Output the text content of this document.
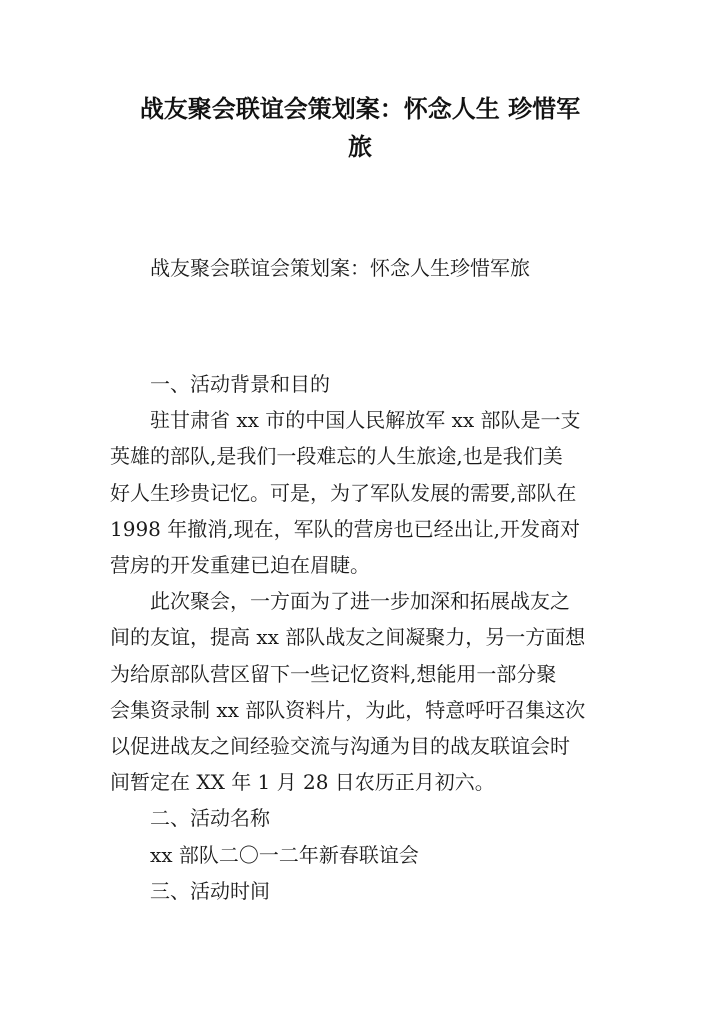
战友聚会联谊会策划案：怀念人生 珍惜军
旅
战友聚会联谊会策划案：怀念人生珍惜军旅

一、活动背景和目的

驻甘肃省 xx 市的中国人民解放军 xx 部队是一支

英雄的部队,是我们一段难忘的人生旅途,也是我们美

好人生珍贵记忆。可是，为了军队发展的需要,部队在

1998 年撤消,现在，军队的营房也已经出让,开发商对

营房的开发重建已迫在眉睫。

此次聚会，一方面为了进一步加深和拓展战友之

间的友谊，提高 xx 部队战友之间凝聚力，另一方面想

为给原部队营区留下一些记忆资料,想能用一部分聚

会集资录制 xx 部队资料片，为此，特意呼吁召集这次

以促进战友之间经验交流与沟通为目的战友联谊会时

间暂定在 XX 年 1 月 28 日农历正月初六。

二、活动名称

xx 部队二〇一二年新春联谊会

三、活动时间
